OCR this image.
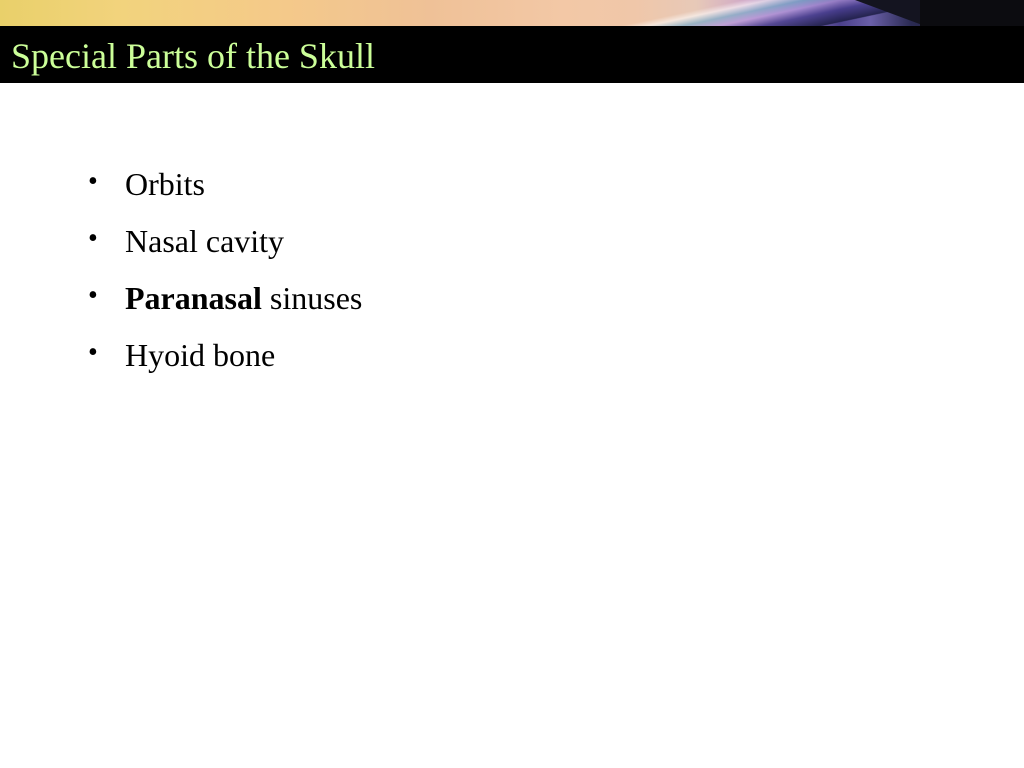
Special Parts of the Skull
• Orbits
• Nasal cavity
• Paranasal sinuses
• Hyoid bone
